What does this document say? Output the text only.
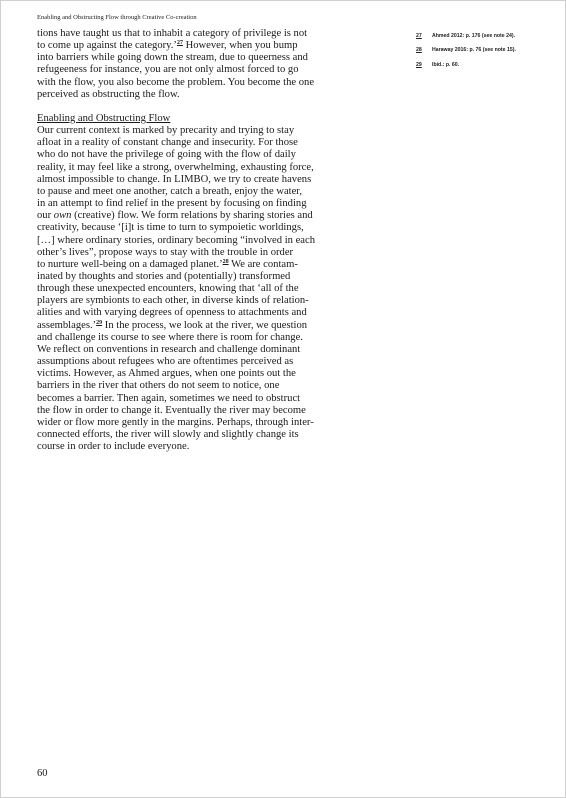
Enabling and Obstructing Flow through Creative Co-creation
tions have taught us that to inhabit a category of privilege is not
to come up against the category.’$^{27}$ However, when you bump
into barriers while going down the stream, due to queerness and
refugeeness for instance, you are not only almost forced to go
with the flow, you also become the problem. You become the one
perceived as obstructing the flow.
Enabling and Obstructing Flow
Our current context is marked by precarity and trying to stay
afloat in a reality of constant change and insecurity. For those
who do not have the privilege of going with the flow of daily
reality, it may feel like a strong, overwhelming, exhausting force,
almost impossible to change. In LIMBO, we try to create havens
to pause and meet one another, catch a breath, enjoy the water,
in an attempt to find relief in the present by focusing on finding
our own (creative) flow. We form relations by sharing stories and
creativity, because ‘[i]t is time to turn to sympoietic worldings,
[…] where ordinary stories, ordinary becoming “involved in each
other’s lives”, propose ways to stay with the trouble in order
to nurture well-being on a damaged planet.’$^{28}$ We are contam-
inated by thoughts and stories and (potentially) transformed
through these unexpected encounters, knowing that ‘all of the
players are symbionts to each other, in diverse kinds of relation-
alities and with varying degrees of openness to attachments and
assemblages.’$^{29}$ In the process, we look at the river, we question
and challenge its course to see where there is room for change.
We reflect on conventions in research and challenge dominant
assumptions about refugees who are oftentimes perceived as
victims. However, as Ahmed argues, when one points out the
barriers in the river that others do not seem to notice, one
becomes a barrier. Then again, sometimes we need to obstruct
the flow in order to change it. Eventually the river may become
wider or flow more gently in the margins. Perhaps, through inter-
connected efforts, the river will slowly and slightly change its
course in order to include everyone.
27 Ahmed 2012: p. 176 (see note 24).
28 Haraway 2016: p. 76 (see note 15).
29 Ibid.: p. 60.
60
